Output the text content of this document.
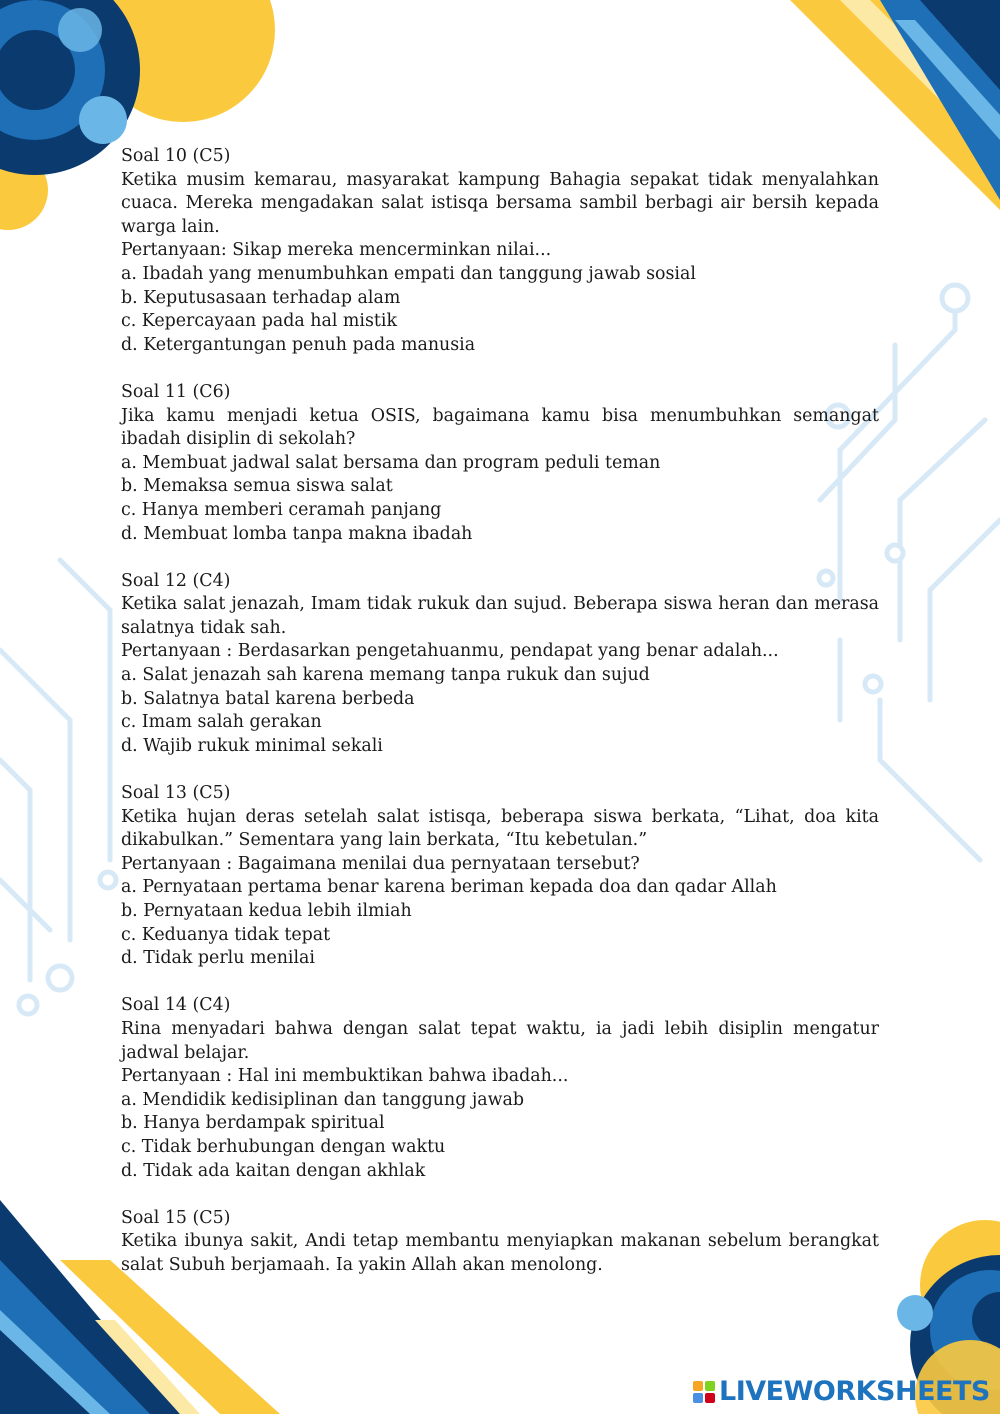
Soal 10 (C5)
Ketika musim kemarau, masyarakat kampung Bahagia sepakat tidak menyalahkan cuaca. Mereka mengadakan salat istisqa bersama sambil berbagi air bersih kepada warga lain.
Pertanyaan: Sikap mereka mencerminkan nilai...
a. Ibadah yang menumbuhkan empati dan tanggung jawab sosial
b. Keputusasaan terhadap alam
c. Kepercayaan pada hal mistik
d. Ketergantungan penuh pada manusia
Soal 11 (C6)
Jika kamu menjadi ketua OSIS, bagaimana kamu bisa menumbuhkan semangat ibadah disiplin di sekolah?
a. Membuat jadwal salat bersama dan program peduli teman
b. Memaksa semua siswa salat
c. Hanya memberi ceramah panjang
d. Membuat lomba tanpa makna ibadah
Soal 12 (C4)
Ketika salat jenazah, Imam tidak rukuk dan sujud. Beberapa siswa heran dan merasa salatnya tidak sah.
Pertanyaan : Berdasarkan pengetahuanmu, pendapat yang benar adalah...
a. Salat jenazah sah karena memang tanpa rukuk dan sujud
b. Salatnya batal karena berbeda
c. Imam salah gerakan
d. Wajib rukuk minimal sekali
Soal 13 (C5)
Ketika hujan deras setelah salat istisqa, beberapa siswa berkata, “Lihat, doa kita dikabulkan.” Sementara yang lain berkata, “Itu kebetulan.”
Pertanyaan : Bagaimana menilai dua pernyataan tersebut?
a. Pernyataan pertama benar karena beriman kepada doa dan qadar Allah
b. Pernyataan kedua lebih ilmiah
c. Keduanya tidak tepat
d. Tidak perlu menilai
Soal 14 (C4)
Rina menyadari bahwa dengan salat tepat waktu, ia jadi lebih disiplin mengatur jadwal belajar.
Pertanyaan : Hal ini membuktikan bahwa ibadah...
a. Mendidik kedisiplinan dan tanggung jawab
b. Hanya berdampak spiritual
c. Tidak berhubungan dengan waktu
d. Tidak ada kaitan dengan akhlak
Soal 15 (C5)
Ketika ibunya sakit, Andi tetap membantu menyiapkan makanan sebelum berangkat salat Subuh berjamaah. Ia yakin Allah akan menolong.
LIVEWORKSHEETS
